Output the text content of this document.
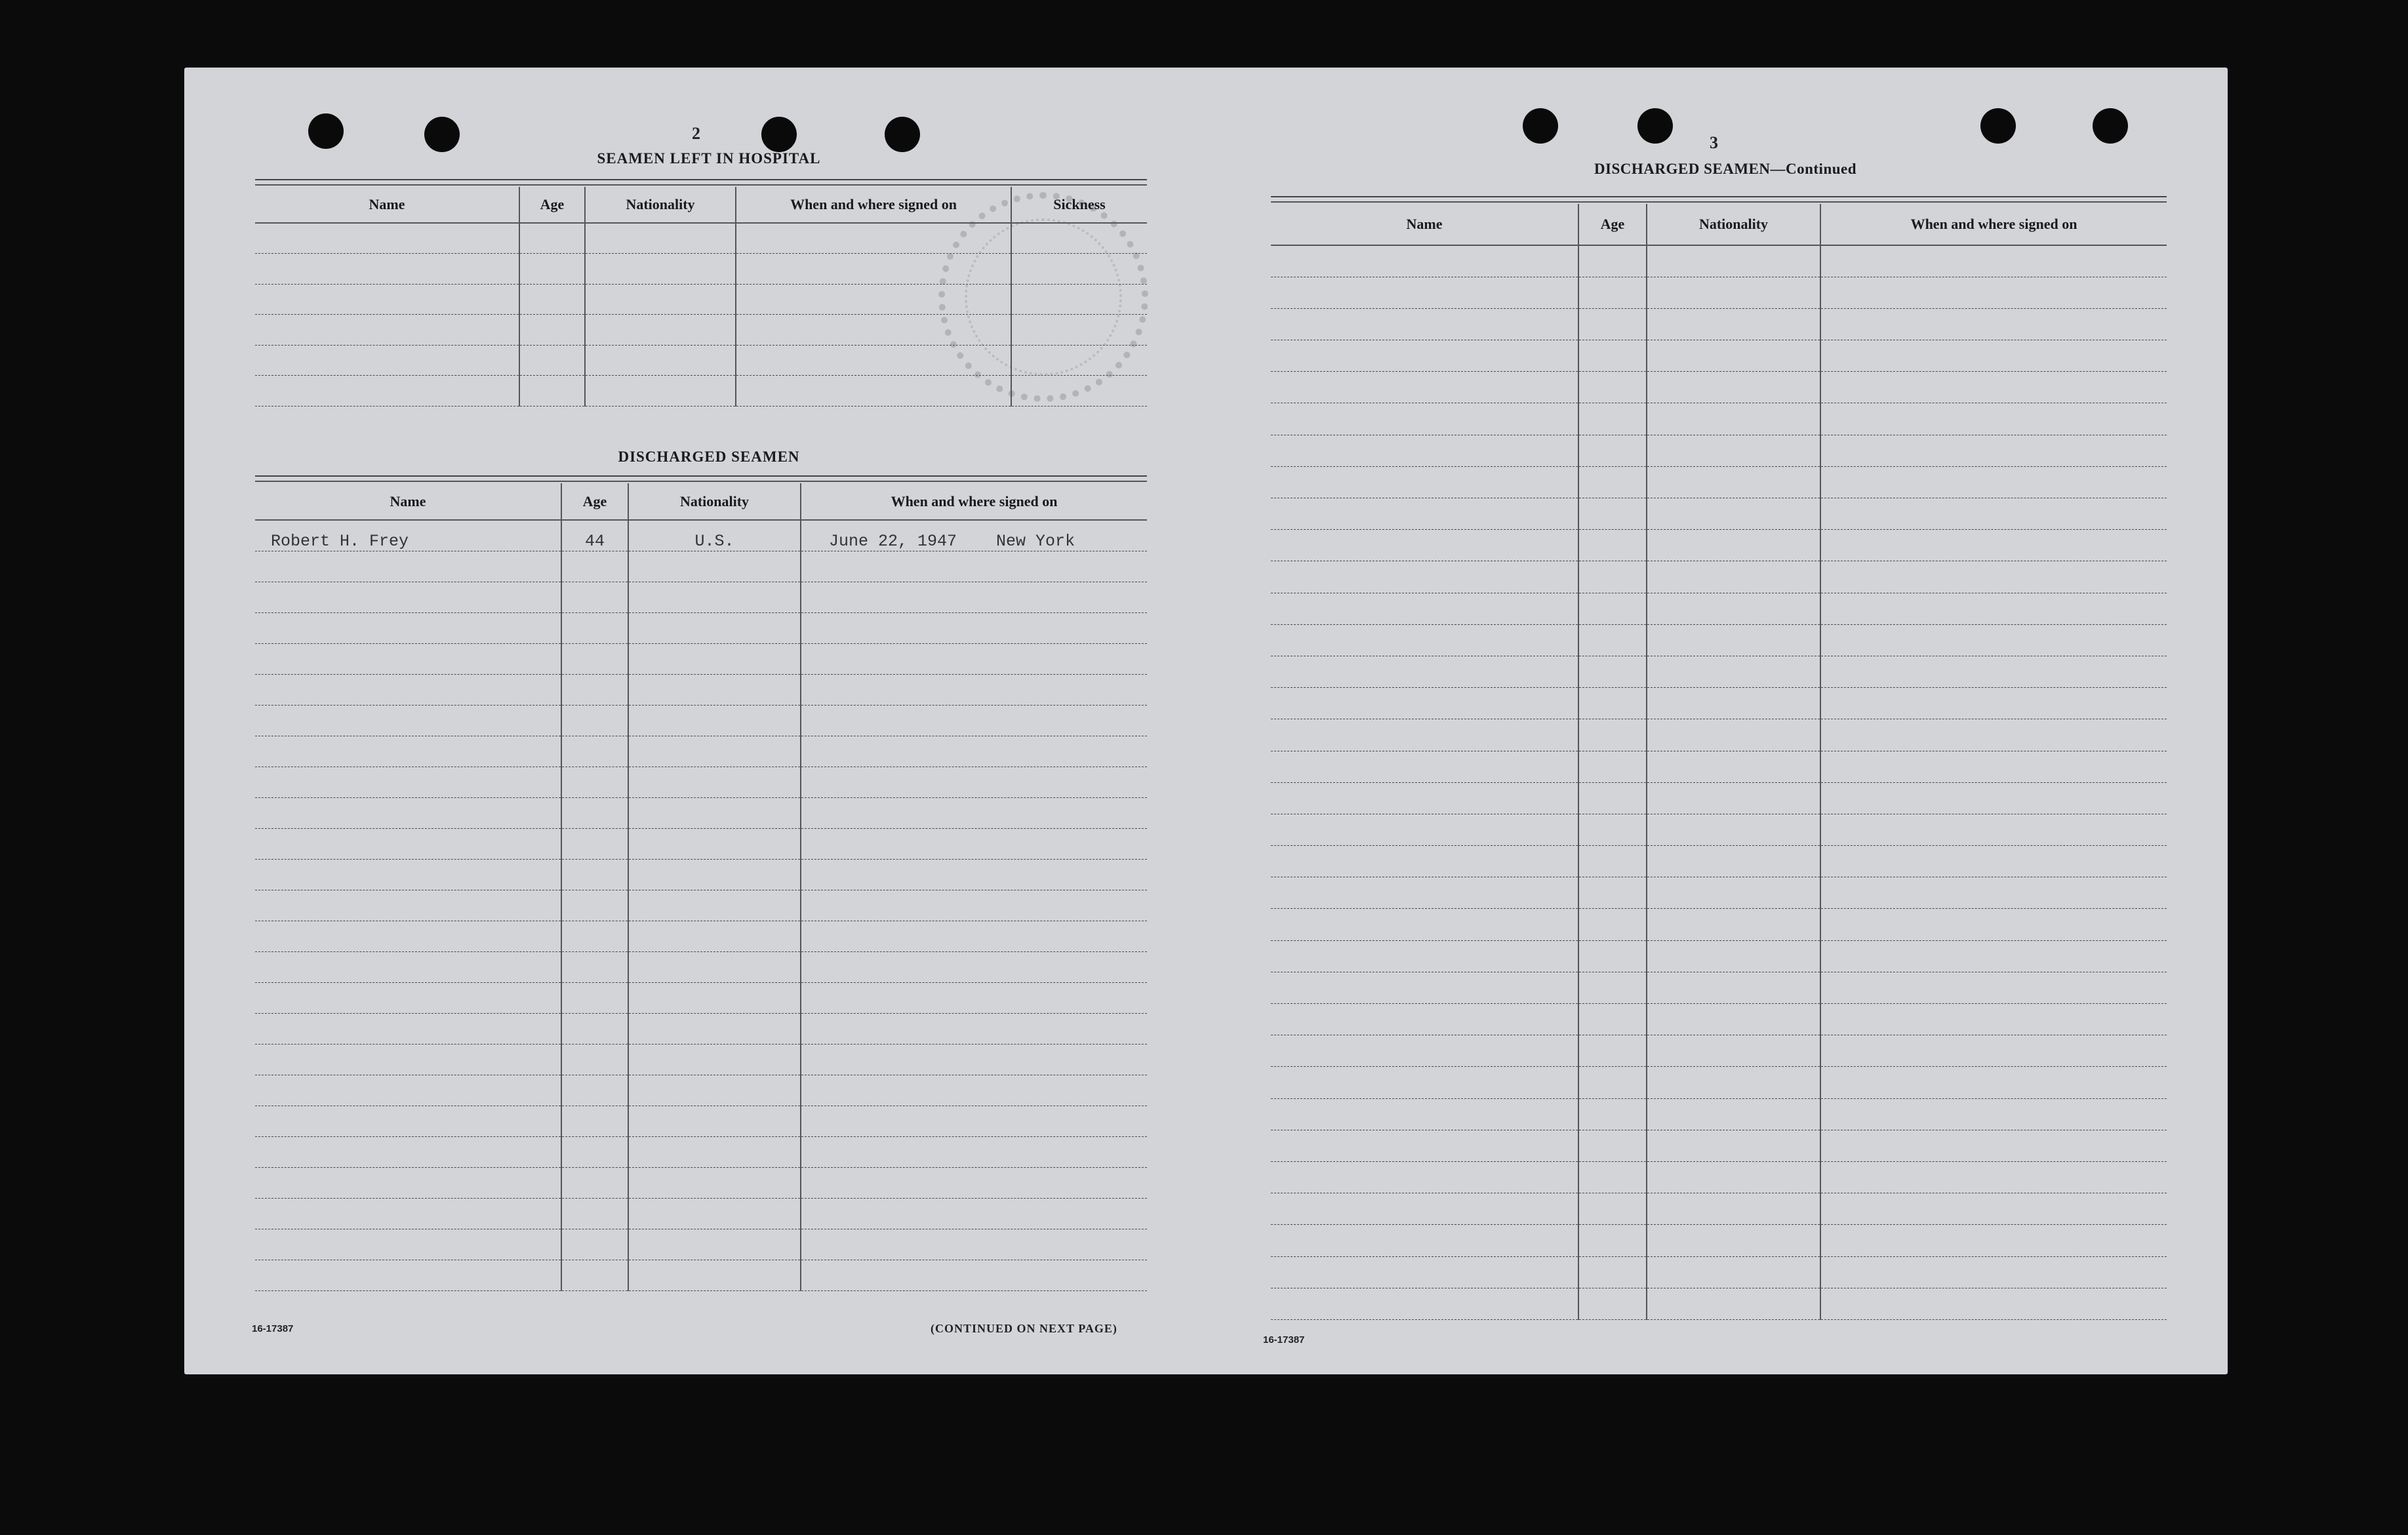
2
SEAMEN LEFT IN HOSPITAL
Name	Age	Nationality	When and where signed on	Sickness

DISCHARGED SEAMEN
Name	Age	Nationality	When and where signed on
Robert H. Frey	44	U.S.	June 22, 1947 New York

16-17387	(CONTINUED ON NEXT PAGE)
3
DISCHARGED SEAMEN—Continued
Name	Age	Nationality	When and where signed on

16-17387
